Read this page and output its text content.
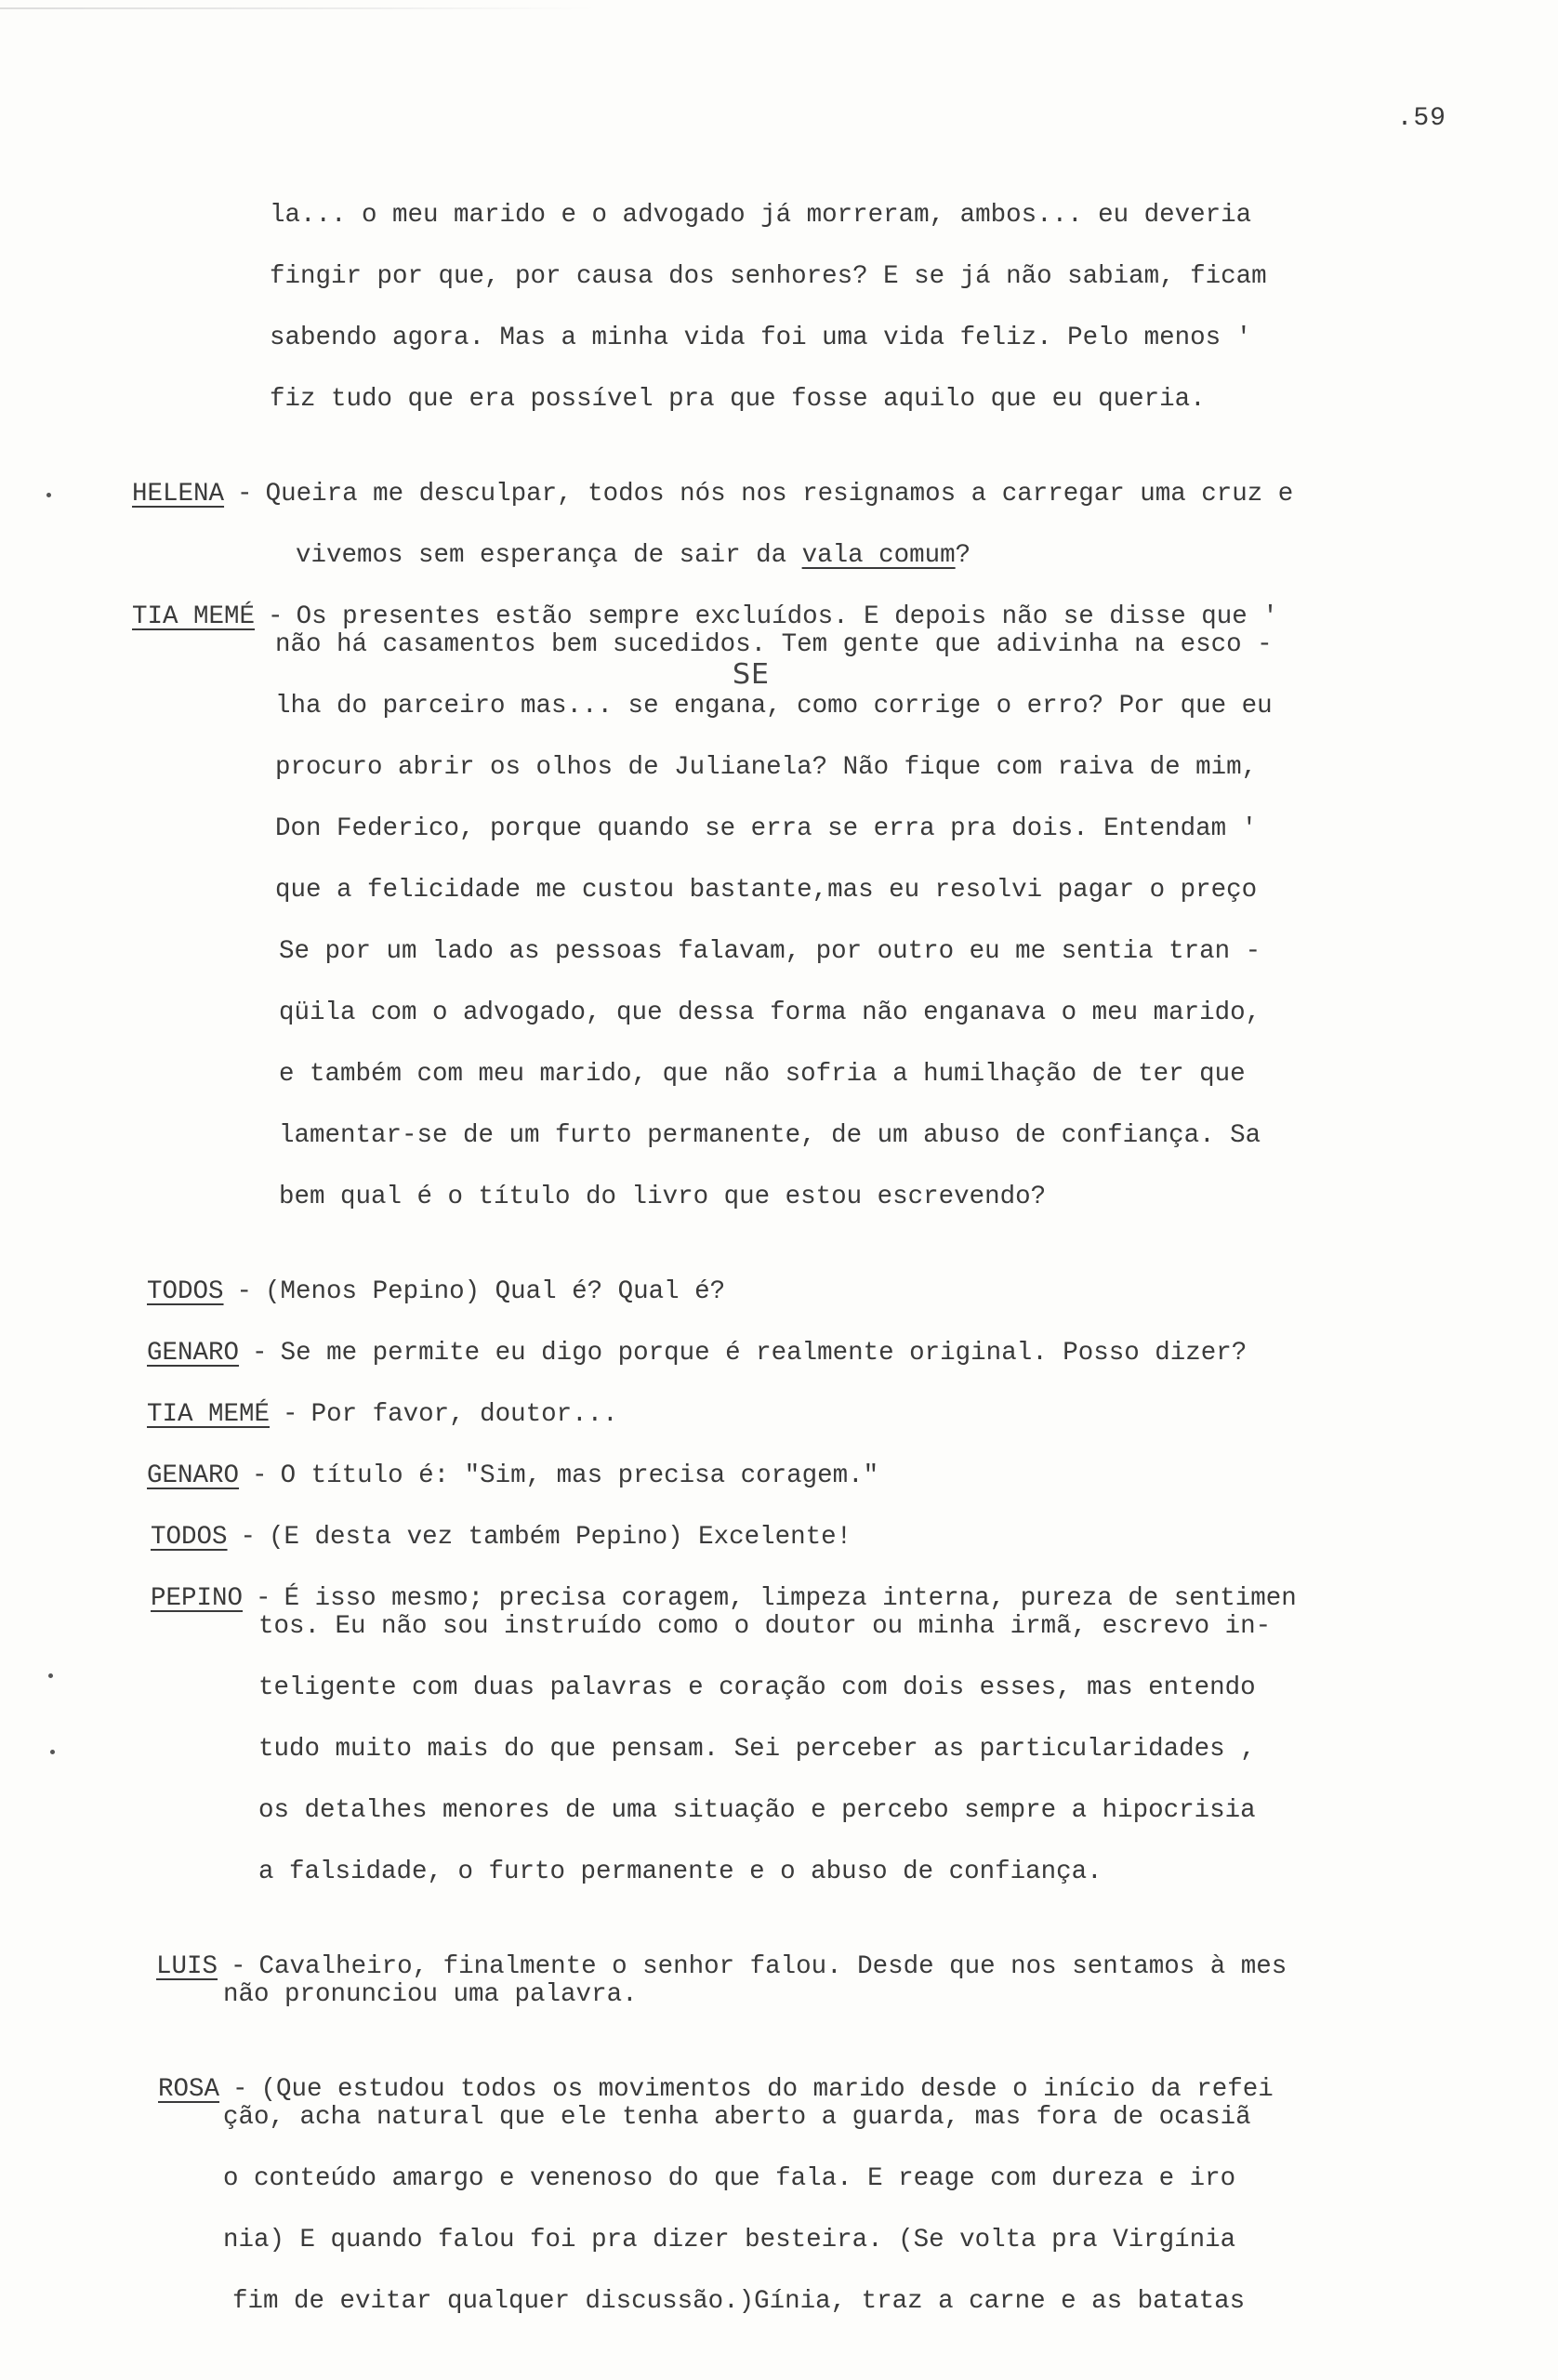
.59
la... o meu marido e o advogado já morreram, ambos... eu deveria
fingir por que, por causa dos senhores? E se já não sabiam, ficam
sabendo agora. Mas a minha vida foi uma vida feliz. Pelo menos '
fiz tudo que era possível pra que fosse aquilo que eu queria.

HELENA - Queira me desculpar, todos nós nos resignamos a carregar uma cruz e

vivemos sem esperança de sair da vala comum?

TIA MEMÉ - Os presentes estão sempre excluídos. E depois não se disse que '

não há casamentos bem sucedidos. Tem gente que adivinha na esco -
SE
lha do parceiro mas... se engana, como corrige o erro? Por que eu
procuro abrir os olhos de Julianela? Não fique com raiva de mim,
Don Federico, porque quando se erra se erra pra dois. Entendam '
que a felicidade me custou bastante,mas eu resolvi pagar o preço
Se por um lado as pessoas falavam, por outro eu me sentia tran -
qüila com o advogado, que dessa forma não enganava o meu marido,
e também com meu marido, que não sofria a humilhação de ter que
lamentar-se de um furto permanente, de um abuso de confiança. Sa
bem qual é o título do livro que estou escrevendo?

TODOS - (Menos Pepino) Qual é? Qual é?

GENARO - Se me permite eu digo porque é realmente original. Posso dizer?

TIA MEMÉ - Por favor, doutor...

GENARO - O título é: "Sim, mas precisa coragem."

TODOS - (E desta vez também Pepino) Excelente!

PEPINO - É isso mesmo; precisa coragem, limpeza interna, pureza de sentimen

tos. Eu não sou instruído como o doutor ou minha irmã, escrevo in-
teligente com duas palavras e coração com dois esses, mas entendo
tudo muito mais do que pensam. Sei perceber as particularidades ,
os detalhes menores de uma situação e percebo sempre a hipocrisia
a falsidade, o furto permanente e o abuso de confiança.

LUIS - Cavalheiro, finalmente o senhor falou. Desde que nos sentamos à mes

não pronunciou uma palavra.

ROSA - (Que estudou todos os movimentos do marido desde o início da refei

ção, acha natural que ele tenha aberto a guarda, mas fora de ocasiã
o conteúdo amargo e venenoso do que fala. E reage com dureza e iro
nia) E quando falou foi pra dizer besteira. (Se volta pra Virgínia
fim de evitar qualquer discussão.)Gínia, traz a carne e as batatas
